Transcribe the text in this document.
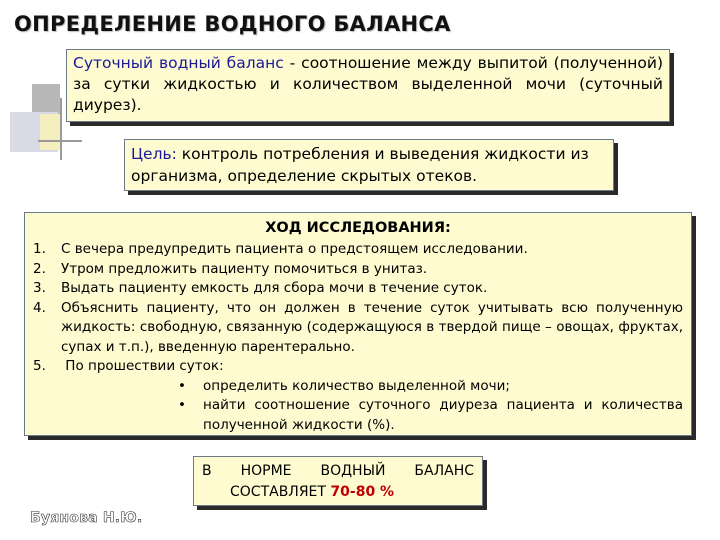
ОПРЕДЕЛЕНИЕ ВОДНОГО БАЛАНСА

Суточный водный баланс - соотношение между выпитой (полученной) за сутки жидкостью и количеством выделенной мочи (суточный диурез).

Цель: контроль потребления и выведения жидкости из организма, определение скрытых отеков.

ХОД ИССЛЕДОВАНИЯ:
1. С вечера предупредить пациента о предстоящем исследовании.
2. Утром предложить пациенту помочиться в унитаз.
3. Выдать пациенту емкость для сбора мочи в течение суток.
4. Объяснить пациенту, что он должен в течение суток учитывать всю полученную жидкость: свободную, связанную (содержащуюся в твердой пище – овощах, фруктах, супах и т.п.), введенную парентерально.
5. По прошествии суток:
• определить количество выделенной мочи;
• найти соотношение суточного диуреза пациента и количества полученной жидкости (%).
В НОРМЕ ВОДНЫЙ БАЛАНС
СОСТАВЛЯЕТ 70-80 %
Буянова Н.Ю.
